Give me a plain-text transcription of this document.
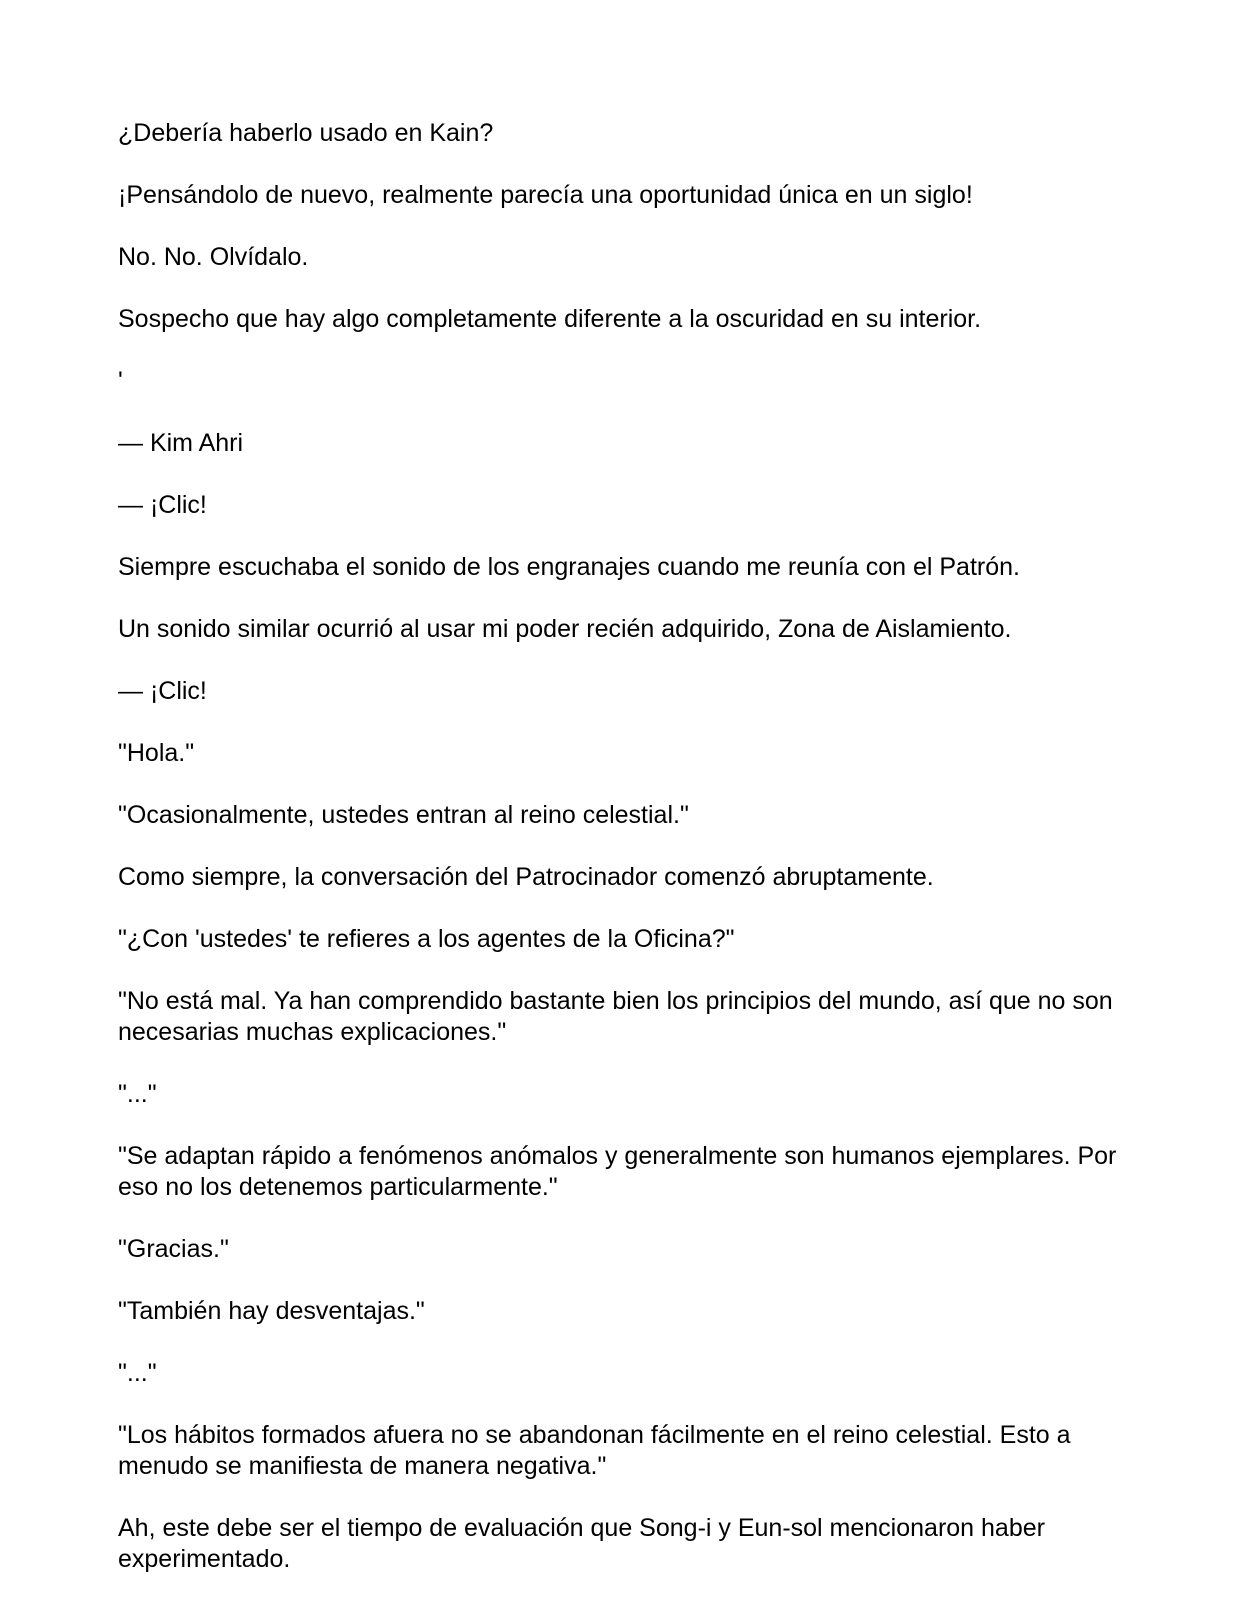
¿Debería haberlo usado en Kain?

¡Pensándolo de nuevo, realmente parecía una oportunidad única en un siglo!

No. No. Olvídalo.

Sospecho que hay algo completamente diferente a la oscuridad en su interior.

'

— Kim Ahri

— ¡Clic!

Siempre escuchaba el sonido de los engranajes cuando me reunía con el Patrón.

Un sonido similar ocurrió al usar mi poder recién adquirido, Zona de Aislamiento.

— ¡Clic!

"Hola."

"Ocasionalmente, ustedes entran al reino celestial."

Como siempre, la conversación del Patrocinador comenzó abruptamente.

"¿Con 'ustedes' te refieres a los agentes de la Oficina?"

"No está mal. Ya han comprendido bastante bien los principios del mundo, así que no son necesarias muchas explicaciones."

"..."

"Se adaptan rápido a fenómenos anómalos y generalmente son humanos ejemplares. Por eso no los detenemos particularmente."

"Gracias."

"También hay desventajas."

"..."

"Los hábitos formados afuera no se abandonan fácilmente en el reino celestial. Esto a menudo se manifiesta de manera negativa."

Ah, este debe ser el tiempo de evaluación que Song-i y Eun-sol mencionaron haber experimentado.
